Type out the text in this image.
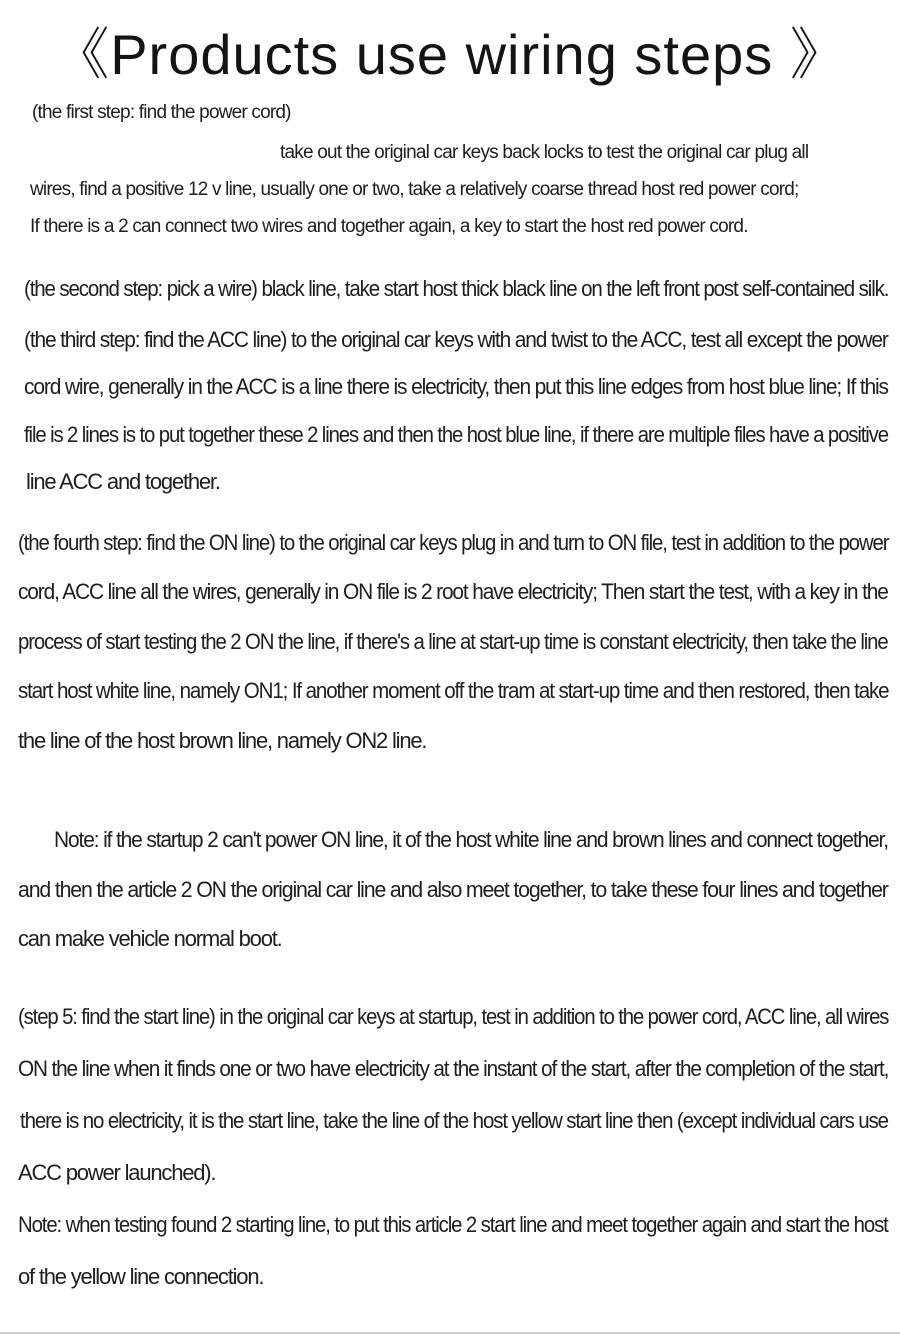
《Products use wiring steps 》
(the first step: find the power cord)
take out the original car keys back locks to test the original car plug all
wires, find a positive 12 v line, usually one or two, take a relatively coarse thread host red power cord;
If there is a 2 can connect two wires and together again, a key to start the host red power cord.
(the second step: pick a wire) black line, take start host thick black line on the left front post self-contained silk.
(the third step: find the ACC line) to the original car keys with and twist to the ACC, test all except the power
cord wire, generally in the ACC is a line there is electricity, then put this line edges from host blue line; If this
file is 2 lines is to put together these 2 lines and then the host blue line, if there are multiple files have a positive
line ACC and together.
(the fourth step: find the ON line) to the original car keys plug in and turn to ON file, test in addition to the power
cord, ACC line all the wires, generally in ON file is 2 root have electricity; Then start the test, with a key in the
process of start testing the 2 ON the line, if there's a line at start-up time is constant electricity, then take the line
start host white line, namely ON1; If another moment off the tram at start-up time and then restored, then take
the line of the host brown line, namely ON2 line.
Note: if the startup 2 can't power ON line, it of the host white line and brown lines and connect together,
and then the article 2 ON the original car line and also meet together, to take these four lines and together
can make vehicle normal boot.
(step 5: find the start line) in the original car keys at startup, test in addition to the power cord, ACC line, all wires
ON the line when it finds one or two have electricity at the instant of the start, after the completion of the start,
there is no electricity, it is the start line, take the line of the host yellow start line then (except individual cars use
ACC power launched).
Note: when testing found 2 starting line, to put this article 2 start line and meet together again and start the host
of the yellow line connection.
